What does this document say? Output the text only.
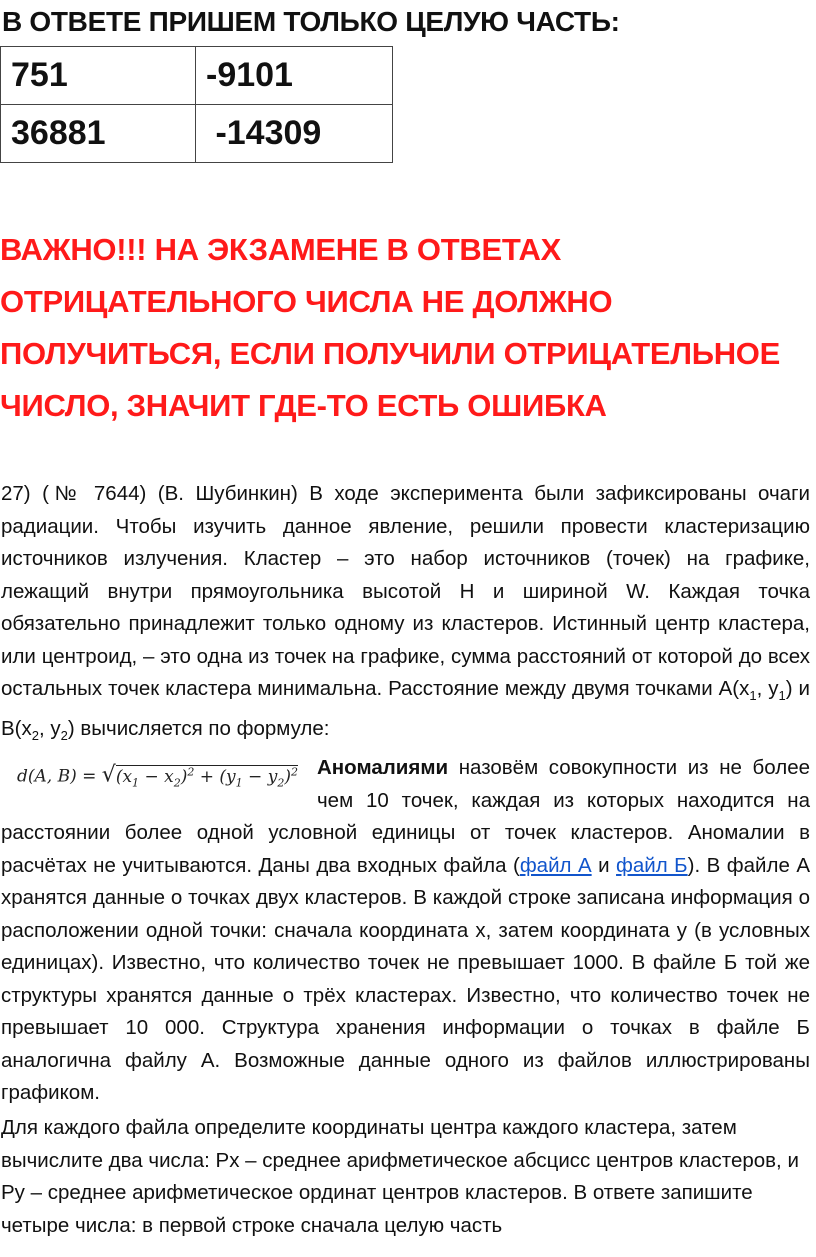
В ОТВЕТЕ ПРИШЕМ ТОЛЬКО ЦЕЛУЮ ЧАСТЬ:
751	-9101
36881	-14309
ВАЖНО!!! НА ЭКЗАМЕНЕ В ОТВЕТАХ ОТРИЦАТЕЛЬНОГО ЧИСЛА НЕ ДОЛЖНО ПОЛУЧИТЬСЯ, ЕСЛИ ПОЛУЧИЛИ ОТРИЦАТЕЛЬНОЕ ЧИСЛО, ЗНАЧИТ ГДЕ-ТО ЕСТЬ ОШИБКА
27) (№ 7644) (В. Шубинкин) В ходе эксперимента были зафиксированы очаги радиации. Чтобы изучить данное явление, решили провести кластеризацию источников излучения. Кластер – это набор источников (точек) на графике, лежащий внутри прямоугольника высотой H и шириной W. Каждая точка обязательно принадлежит только одному из кластеров. Истинный центр кластера, или центроид, – это одна из точек на графике, сумма расстояний от которой до всех остальных точек кластера минимальна. Расстояние между двумя точками $A(x_1$, $y_1$) и $B(x_2$, $y_2$) вычисляется по формуле:

d(A, $B) = √(x_1 - x_2)^2 + (y_1 - y_2)^2$ Аномалиями назовём совокупности из не более чем 10 точек, каждая из которых находится на расстоянии более одной условной единицы от точек кластеров. Аномалии в расчётах не учитываются. Даны два входных файла (файл А и файл Б). В файле A хранятся данные о точках двух кластеров. В каждой строке записана информация о расположении одной точки: сначала координата x, затем координата y (в условных единицах). Известно, что количество точек не превышает 1000. В файле Б той же структуры хранятся данные о трёх кластерах. Известно, что количество точек не превышает 10 000. Структура хранения информации о точках в файле Б аналогична файлу А. Возможные данные одного из файлов иллюстрированы графиком.
Для каждого файла определите координаты центра каждого кластера, затем вычислите два числа: Px – среднее арифметическое абсцисс центров кластеров, и Py – среднее арифметическое ординат центров кластеров. В ответе запишите четыре числа: в первой строке сначала целую часть
